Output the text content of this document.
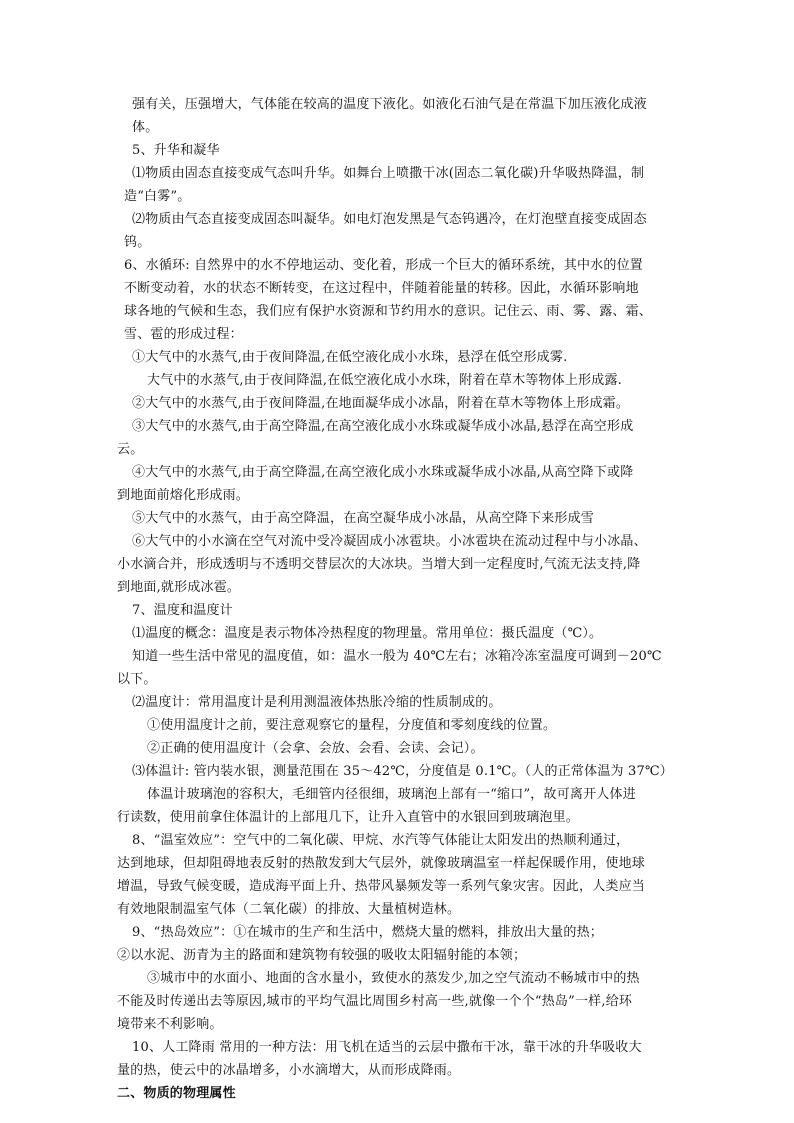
强有关，压强增大，气体能在较高的温度下液化。如液化石油气是在常温下加压液化成液
体。
5、升华和凝华
⑴物质由固态直接变成气态叫升华。如舞台上喷撒干冰(固态二氧化碳)升华吸热降温，制
造“白雾”。
⑵物质由气态直接变成固态叫凝华。如电灯泡发黑是气态钨遇冷，在灯泡壁直接变成固态
钨。
6、水循环: 自然界中的水不停地运动、变化着，形成一个巨大的循环系统，其中水的位置
不断变动着，水的状态不断转变，在这过程中，伴随着能量的转移。因此，水循环影响地
球各地的气候和生态，我们应有保护水资源和节约用水的意识。记住云、雨、雾、露、霜、
雪、雹的形成过程：
①大气中的水蒸气,由于夜间降温,在低空液化成小水珠，悬浮在低空形成雾.
大气中的水蒸气,由于夜间降温,在低空液化成小水珠，附着在草木等物体上形成露.
②大气中的水蒸气,由于夜间降温,在地面凝华成小冰晶，附着在草木等物体上形成霜。
③大气中的水蒸气,由于高空降温,在高空液化成小水珠或凝华成小冰晶,悬浮在高空形成
云。
④大气中的水蒸气,由于高空降温,在高空液化成小水珠或凝华成小冰晶,从高空降下或降
到地面前熔化形成雨。
⑤大气中的水蒸气，由于高空降温，在高空凝华成小冰晶，从高空降下来形成雪
⑥大气中的小水滴在空气对流中受冷凝固成小冰雹块。小冰雹块在流动过程中与小冰晶、
小水滴合并，形成透明与不透明交替层次的大冰块。当增大到一定程度时,气流无法支持,降
到地面,就形成冰雹。
7、温度和温度计
⑴温度的概念：温度是表示物体冷热程度的物理量。常用单位：摄氏温度（℃）。
知道一些生活中常见的温度值，如：温水一般为 40℃左右；冰箱冷冻室温度可调到－20℃
以下。
⑵温度计：常用温度计是利用测温液体热胀冷缩的性质制成的。
①使用温度计之前，要注意观察它的量程，分度值和零刻度线的位置。
②正确的使用温度计（会拿、会放、会看、会读、会记）。
⑶体温计: 管内装水银，测量范围在 35～42℃，分度值是 0.1℃。（人的正常体温为 37℃）
体温计玻璃泡的容积大，毛细管内径很细，玻璃泡上部有一“缩口”，故可离开人体进
行读数，使用前拿住体温计的上部甩几下，让升入直管中的水银回到玻璃泡里。
8、“温室效应”：空气中的二氧化碳、甲烷、水汽等气体能让太阳发出的热顺利通过，
达到地球，但却阻碍地表反射的热散发到大气层外，就像玻璃温室一样起保暖作用，使地球
增温，导致气候变暖，造成海平面上升、热带风暴频发等一系列气象灾害。因此，人类应当
有效地限制温室气体（二氧化碳）的排放、大量植树造林。
9、“热岛效应”：①在城市的生产和生活中，燃烧大量的燃料，排放出大量的热；
②以水泥、沥青为主的路面和建筑物有较强的吸收太阳辐射能的本领；
③城市中的水面小、地面的含水量小，致使水的蒸发少,加之空气流动不畅城市中的热
不能及时传递出去等原因,城市的平均气温比周围乡村高一些,就像一个个“热岛”一样,给环
境带来不利影响。
10、人工降雨 常用的一种方法：用飞机在适当的云层中撒布干冰，靠干冰的升华吸收大
量的热，使云中的冰晶增多，小水滴增大，从而形成降雨。
二、物质的物理属性
